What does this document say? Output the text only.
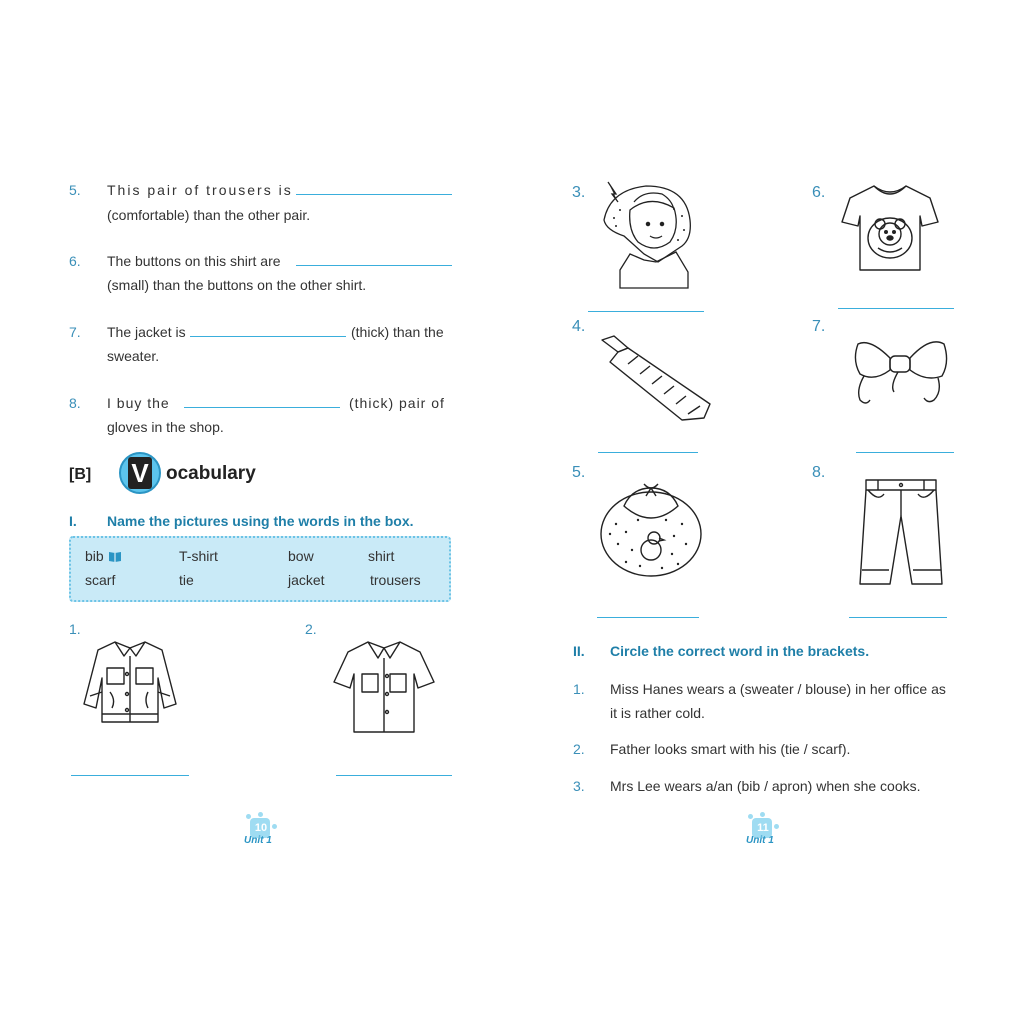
5. This pair of trousers is
(comfortable) than the other pair.
6. The buttons on this shirt are
(small) than the buttons on the other shirt.
7. The jacket is	(thick) than the
sweater.
8. I buy the	(thick) pair of
gloves in the shop.
[B]	V ocabulary
I. Name the pictures using the words in the box.
bib	T-shirt	bow	shirt
scarf	tie	jacket	trousers
1.	2.
10
Unit 1
3.	6.
4.	7.
5.	8.
II. Circle the correct word in the brackets.
1. Miss Hanes wears a (sweater / blouse) in her office as
it is rather cold.
2. Father looks smart with his (tie / scarf).
3. Mrs Lee wears a/an (bib / apron) when she cooks.
11
Unit 1
